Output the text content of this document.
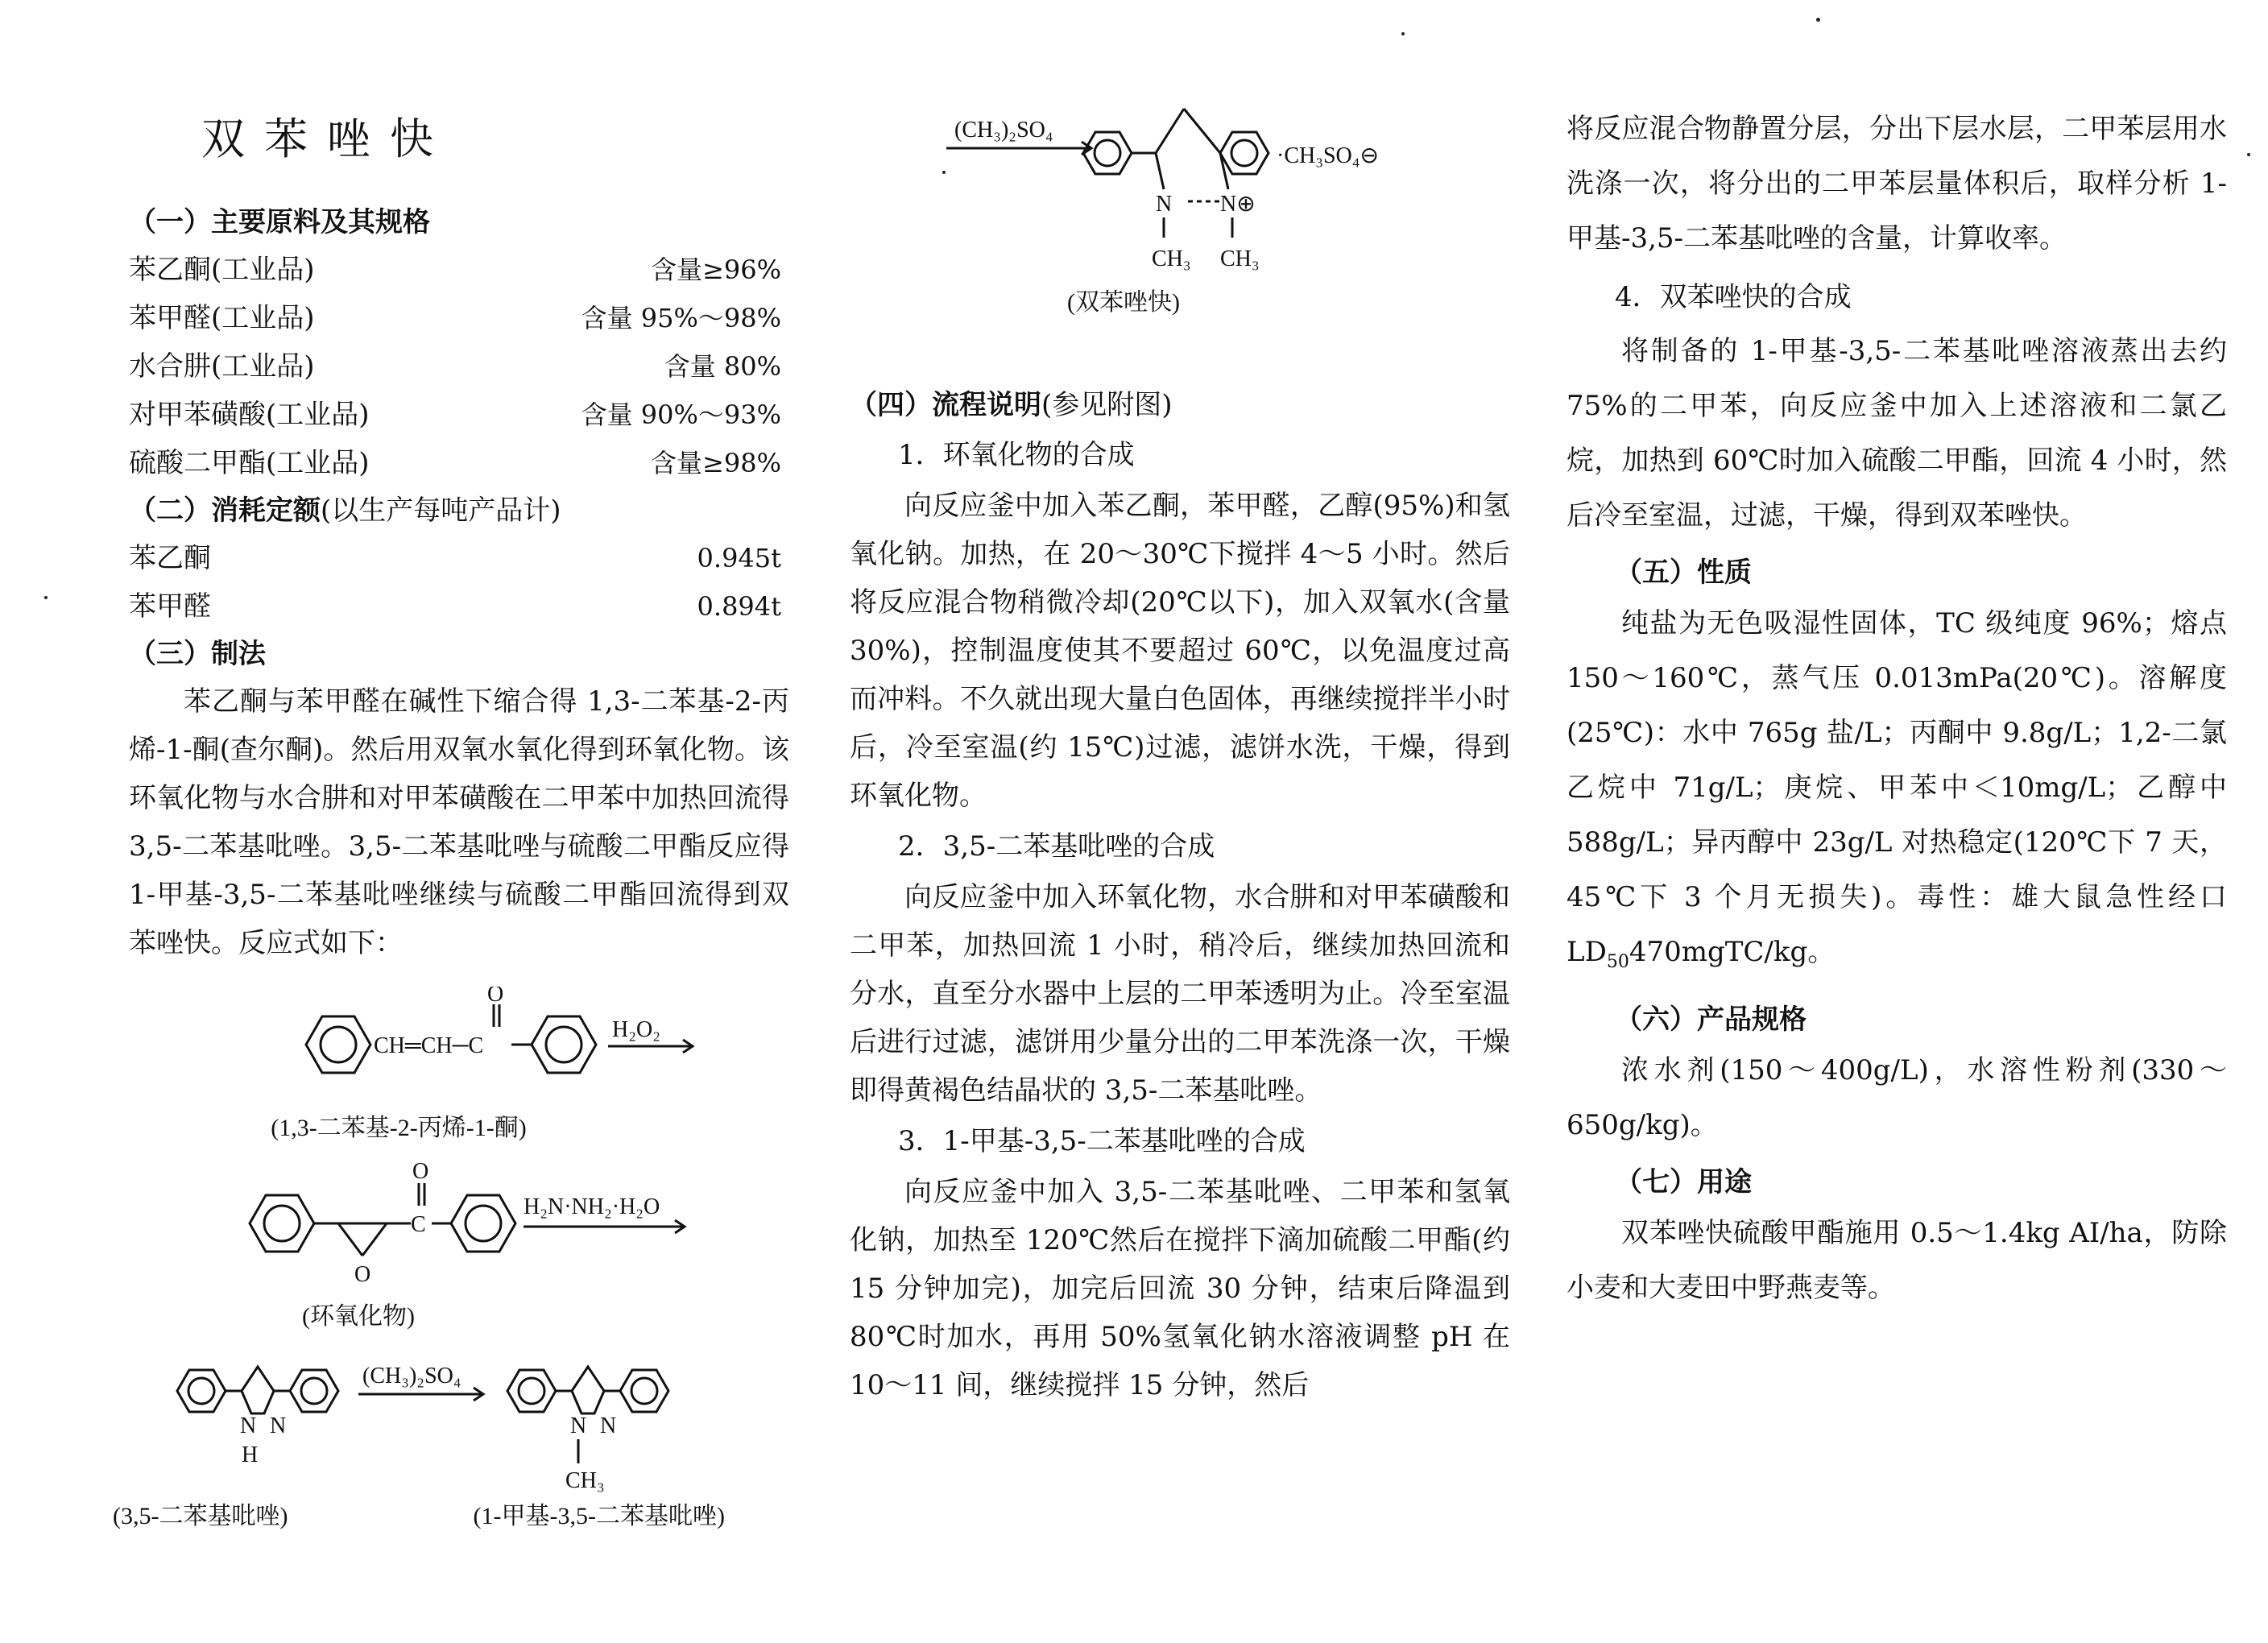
双苯唑快
（一）主要原料及其规格
苯乙酮(工业品)	含量≥96%
苯甲醛(工业品)	含量 95%～98%
水合肼(工业品)	含量 80%
对甲苯磺酸(工业品)	含量 90%～93%
硫酸二甲酯(工业品)	含量≥98%
（二）消耗定额(以生产每吨产品计)
苯乙酮	0.945t
苯甲醛	0.894t
（三）制法
苯乙酮与苯甲醛在碱性下缩合得 1,3-二苯基-2-丙烯-1-酮(查尔酮)。然后用双氧水氧化得到环氧化物。该环氧化物与水合肼和对甲苯磺酸在二甲苯中加热回流得 3,5-二苯基吡唑。3,5-二苯基吡唑与硫酸二甲酯反应得 1-甲基-3,5-二苯基吡唑继续与硫酸二甲酯回流得到双苯唑快。反应式如下：
CH═CH─C
O
H₂O₂
(1,3-二苯基-2-丙烯-1-酮)
O
C
O
H₂N·NH₂·H₂O
(环氧化物)
N N
H
(CH₃)₂SO₄
N N
CH₃
(3,5-二苯基吡唑)	(1-甲基-3,5-二苯基吡唑)
(CH₃)₂SO₄
N N⊕
CH₃ CH₃
·CH₃SO₄⊖
(双苯唑快)
（四）流程说明(参见附图)
1．环氧化物的合成
向反应釜中加入苯乙酮，苯甲醛，乙醇(95%)和氢氧化钠。加热，在 20～30℃下搅拌 4～5 小时。然后将反应混合物稍微冷却(20℃以下)，加入双氧水(含量 30%)，控制温度使其不要超过 60℃，以免温度过高而冲料。不久就出现大量白色固体，再继续搅拌半小时后，冷至室温(约 15℃)过滤，滤饼水洗，干燥，得到环氧化物。
2．3,5-二苯基吡唑的合成
向反应釜中加入环氧化物，水合肼和对甲苯磺酸和二甲苯，加热回流 1 小时，稍冷后，继续加热回流和分水，直至分水器中上层的二甲苯透明为止。冷至室温后进行过滤，滤饼用少量分出的二甲苯洗涤一次，干燥即得黄褐色结晶状的 3,5-二苯基吡唑。
3．1-甲基-3,5-二苯基吡唑的合成
向反应釜中加入 3,5-二苯基吡唑、二甲苯和氢氧化钠，加热至 120℃然后在搅拌下滴加硫酸二甲酯(约 15 分钟加完)，加完后回流 30 分钟，结束后降温到 80℃时加水，再用 50%氢氧化钠水溶液调整 pH 在 10～11 间，继续搅拌 15 分钟，然后
将反应混合物静置分层，分出下层水层，二甲苯层用水洗涤一次，将分出的二甲苯层量体积后，取样分析 1-甲基-3,5-二苯基吡唑的含量，计算收率。
4．双苯唑快的合成
将制备的 1-甲基-3,5-二苯基吡唑溶液蒸出去约 75%的二甲苯，向反应釜中加入上述溶液和二氯乙烷，加热到 60℃时加入硫酸二甲酯，回流 4 小时，然后冷至室温，过滤，干燥，得到双苯唑快。
（五）性质
纯盐为无色吸湿性固体，TC 级纯度 96%；熔点 150～160℃，蒸气压 0.013mPa(20℃)。溶解度(25℃)：水中 765g 盐/L；丙酮中 9.8g/L；1,2-二氯乙烷中 71g/L；庚烷、甲苯中＜10mg/L；乙醇中 588g/L；异丙醇中 23g/L 对热稳定(120℃下 7 天，45℃下 3 个月无损失)。毒性：雄大鼠急性经口 $LD_{50}470mgTC/kg$。
（六）产品规格
浓水剂(150～400g/L)，水溶性粉剂(330～650g/kg)。
（七）用途
双苯唑快硫酸甲酯施用 0.5～1.4kg AI/ha，防除小麦和大麦田中野燕麦等。
